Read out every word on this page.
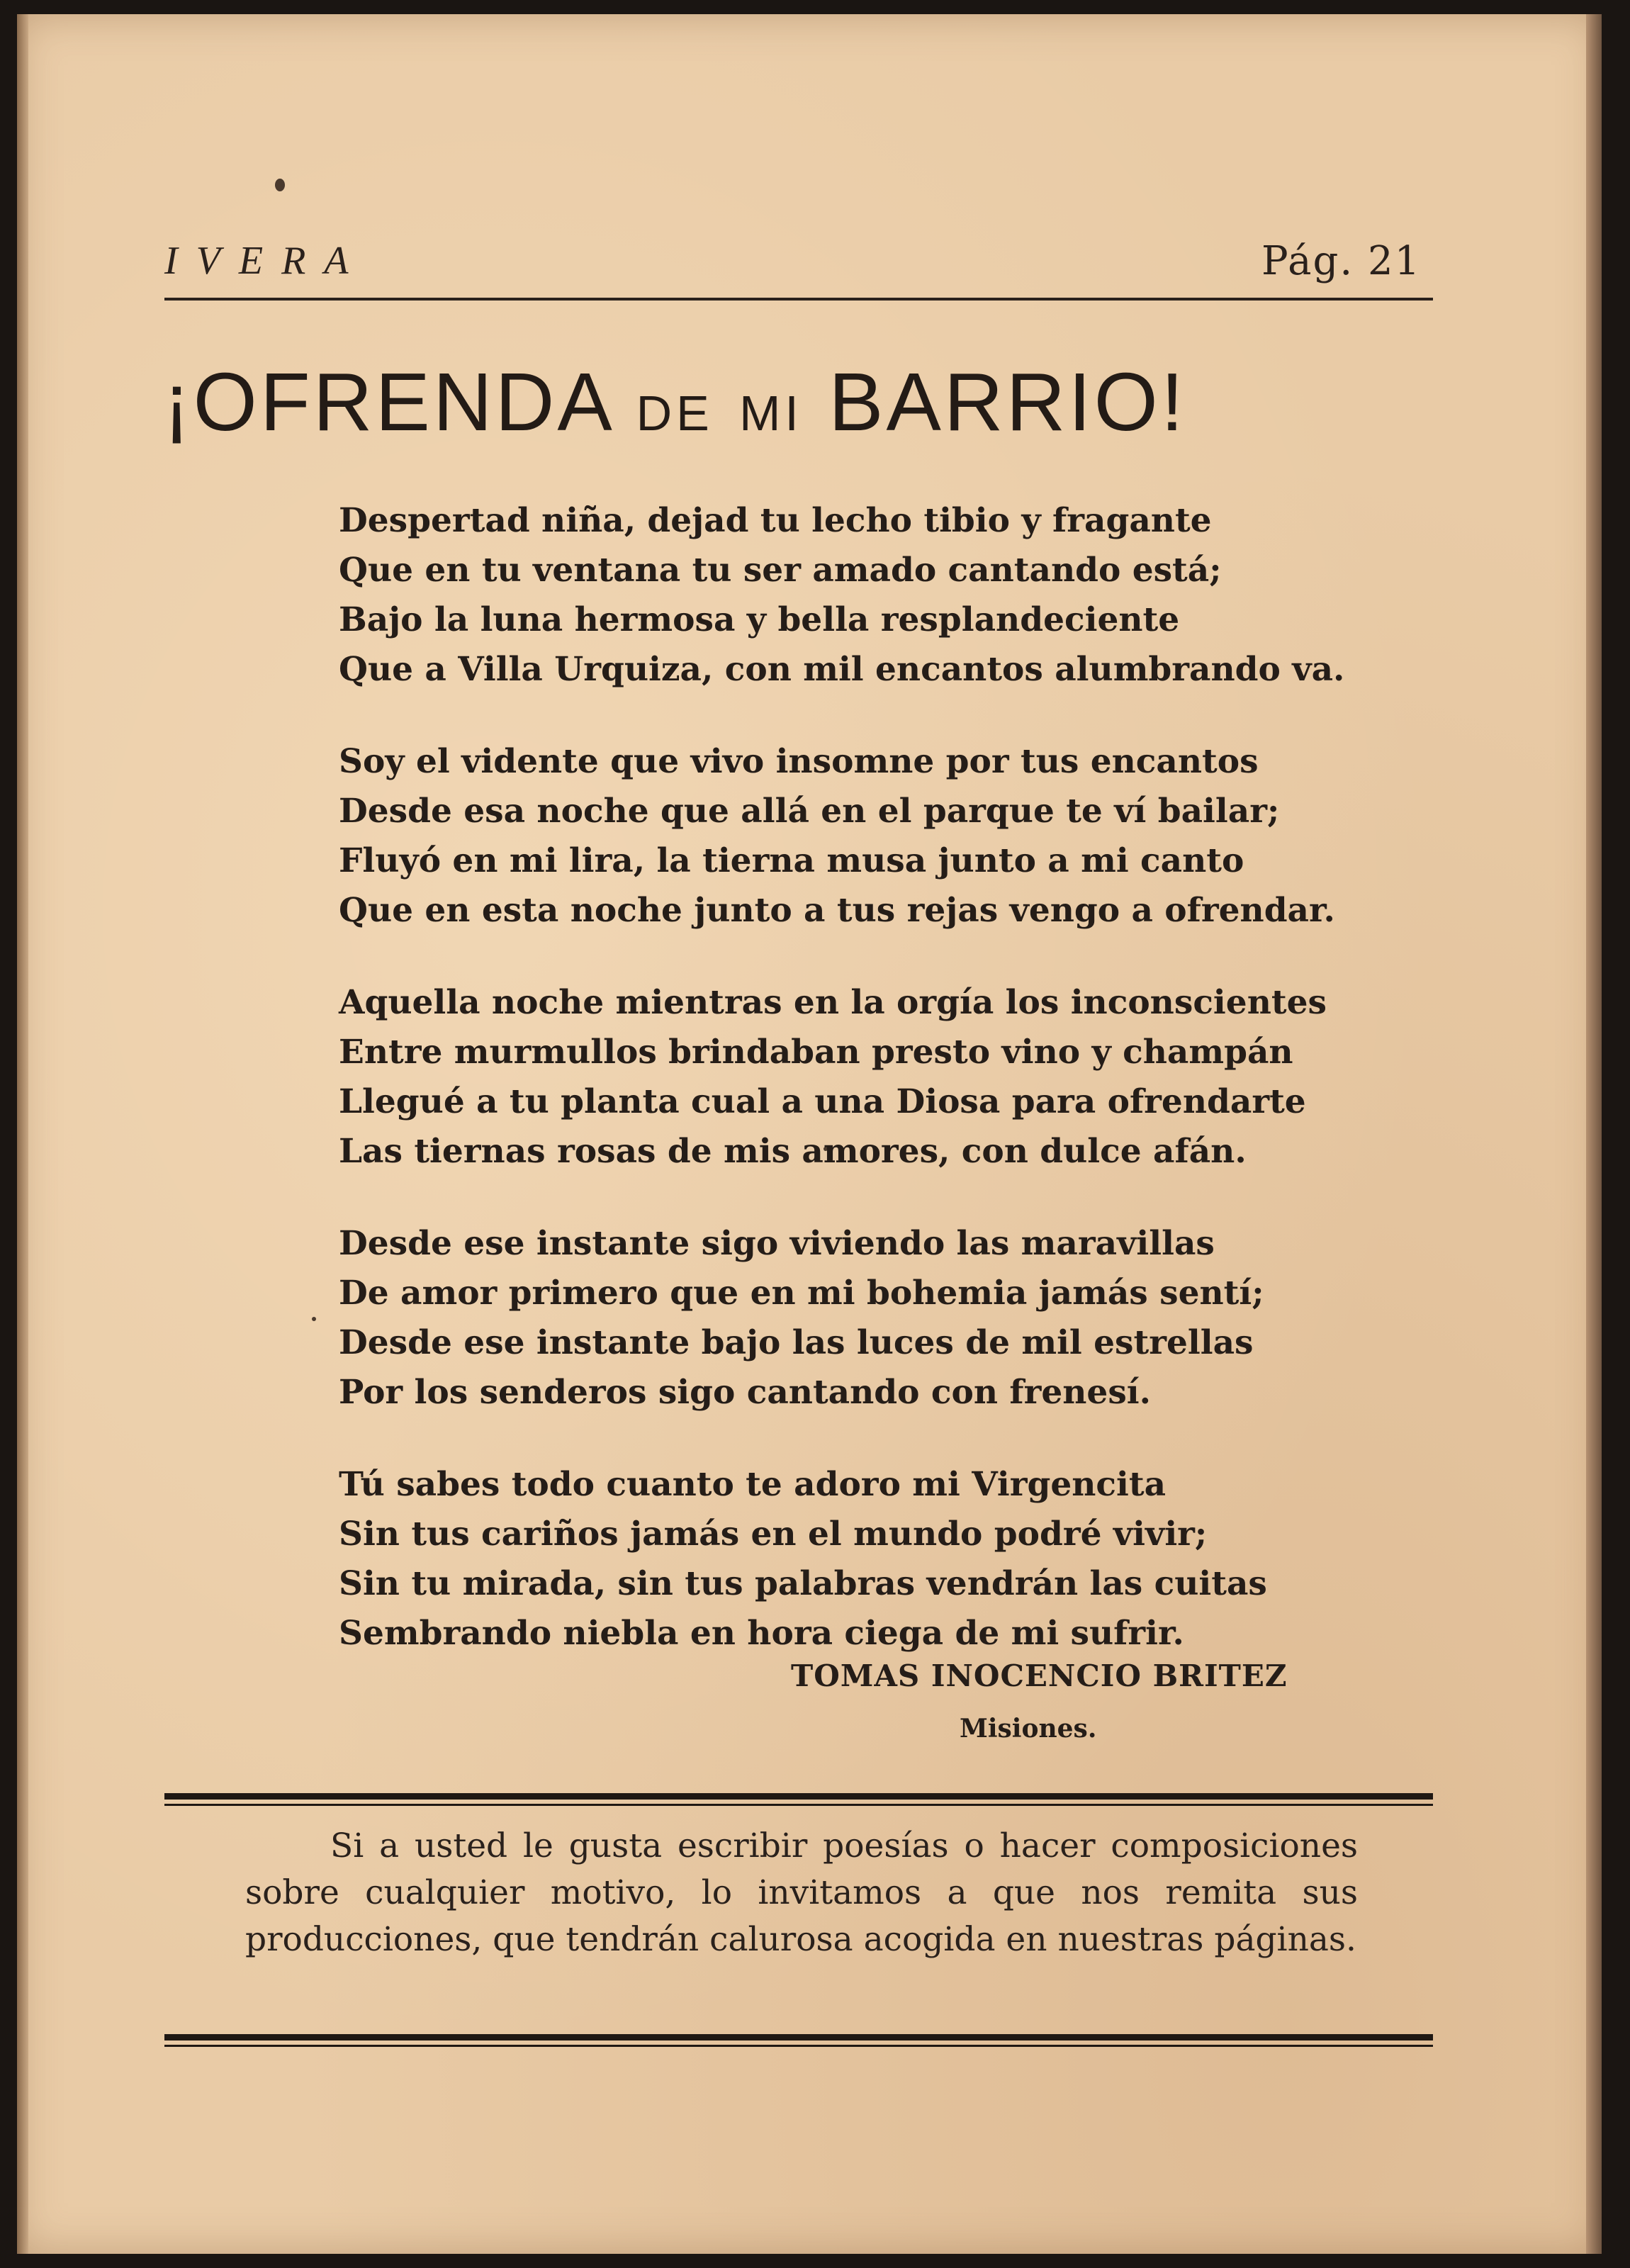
IVERA	Pág. 21
¡OFRENDA DE MI BARRIO!
Despertad niña, dejad tu lecho tibio y fragante
Que en tu ventana tu ser amado cantando está;
Bajo la luna hermosa y bella resplandeciente
Que a Villa Urquiza, con mil encantos alumbrando va.
Soy el vidente que vivo insomne por tus encantos
Desde esa noche que allá en el parque te ví bailar;
Fluyó en mi lira, la tierna musa junto a mi canto
Que en esta noche junto a tus rejas vengo a ofrendar.
Aquella noche mientras en la orgía los inconscientes
Entre murmullos brindaban presto vino y champán
Llegué a tu planta cual a una Diosa para ofrendarte
Las tiernas rosas de mis amores, con dulce afán.
Desde ese instante sigo viviendo las maravillas
De amor primero que en mi bohemia jamás sentí;
Desde ese instante bajo las luces de mil estrellas
Por los senderos sigo cantando con frenesí.
Tú sabes todo cuanto te adoro mi Virgencita
Sin tus cariños jamás en el mundo podré vivir;
Sin tu mirada, sin tus palabras vendrán las cuitas
Sembrando niebla en hora ciega de mi sufrir.
TOMAS INOCENCIO BRITEZ
Misiones.

Si a usted le gusta escribir poesías o hacer composiciones sobre cualquier motivo, lo invitamos a que nos remita sus producciones, que tendrán calurosa acogida en nuestras páginas.
